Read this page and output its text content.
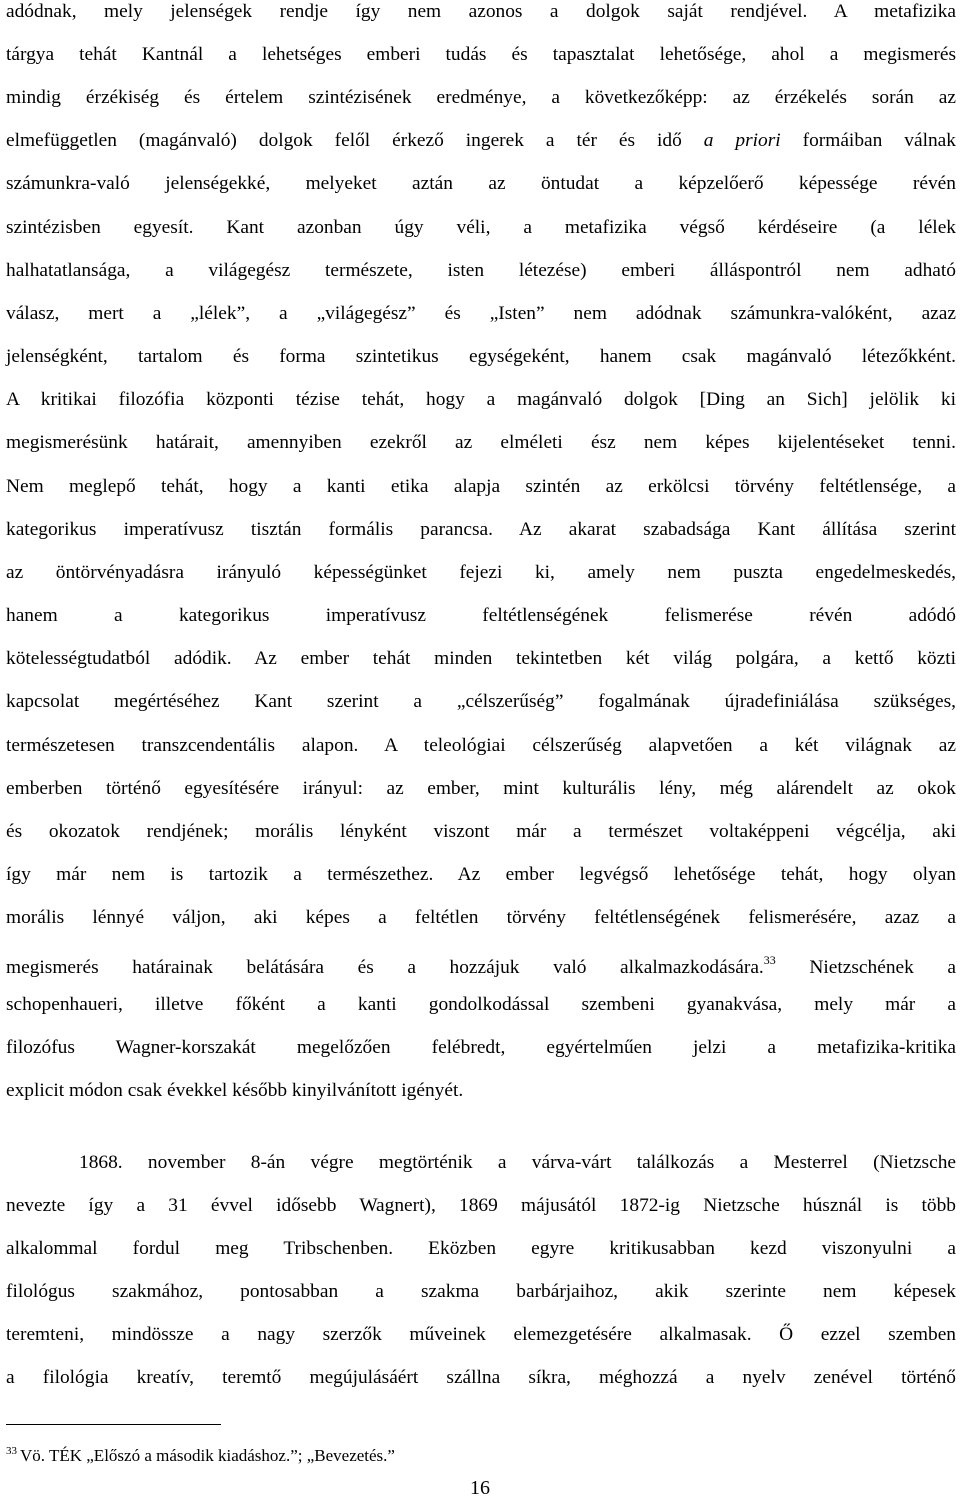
adódnak, mely jelenségek rendje így nem azonos a dolgok saját rendjével. A metafizika
tárgya tehát Kantnál a lehetséges emberi tudás és tapasztalat lehetősége, ahol a megismerés
mindig érzékiség és értelem szintézisének eredménye, a következőképp: az érzékelés során az
elmefüggetlen (magánvaló) dolgok felől érkező ingerek a tér és idő a priori formáiban válnak
számunkra-való jelenségekké, melyeket aztán az öntudat a képzelőerő képessége révén
szintézisben egyesít. Kant azonban úgy véli, a metafizika végső kérdéseire (a lélek
halhatatlansága, a világegész természete, isten létezése) emberi álláspontról nem adható
válasz, mert a „lélek”, a „világegész” és „Isten” nem adódnak számunkra-valóként, azaz
jelenségként, tartalom és forma szintetikus egységeként, hanem csak magánvaló létezőkként.
A kritikai filozófia központi tézise tehát, hogy a magánvaló dolgok [Ding an Sich] jelölik ki
megismerésünk határait, amennyiben ezekről az elméleti ész nem képes kijelentéseket tenni.
Nem meglepő tehát, hogy a kanti etika alapja szintén az erkölcsi törvény feltétlensége, a
kategorikus imperatívusz tisztán formális parancsa. Az akarat szabadsága Kant állítása szerint
az öntörvényadásra irányuló képességünket fejezi ki, amely nem puszta engedelmeskedés,
hanem a kategorikus imperatívusz feltétlenségének felismerése révén adódó
kötelességtudatból adódik. Az ember tehát minden tekintetben két világ polgára, a kettő közti
kapcsolat megértéséhez Kant szerint a „célszerűség” fogalmának újradefiniálása szükséges,
természetesen transzcendentális alapon. A teleológiai célszerűség alapvetően a két világnak az
emberben történő egyesítésére irányul: az ember, mint kulturális lény, még alárendelt az okok
és okozatok rendjének; morális lényként viszont már a természet voltaképpeni végcélja, aki
így már nem is tartozik a természethez. Az ember legvégső lehetősége tehát, hogy olyan
morális lénnyé váljon, aki képes a feltétlen törvény feltétlenségének felismerésére, azaz a
megismerés határainak belátására és a hozzájuk való alkalmazkodására.$^{33}$ Nietzschének a
schopenhaueri, illetve főként a kanti gondolkodással szembeni gyanakvása, mely már a
filozófus Wagner-korszakát megelőzően felébredt, egyértelműen jelzi a metafizika-kritika
explicit módon csak évekkel később kinyilvánított igényét.
1868. november 8-án végre megtörténik a várva-várt találkozás a Mesterrel (Nietzsche
nevezte így a 31 évvel idősebb Wagnert), 1869 májusától 1872-ig Nietzsche húsznál is több
alkalommal fordul meg Tribschenben. Eközben egyre kritikusabban kezd viszonyulni a
filológus szakmához, pontosabban a szakma barbárjaihoz, akik szerinte nem képesek
teremteni, mindössze a nagy szerzők műveinek elemezgetésére alkalmasak. Ő ezzel szemben
a filológia kreatív, teremtő megújulásáért szállna síkra, méghozzá a nyelv zenével történő
$^{33}$ Vö. TÉK „Előszó a második kiadáshoz.”; „Bevezetés.”
16
